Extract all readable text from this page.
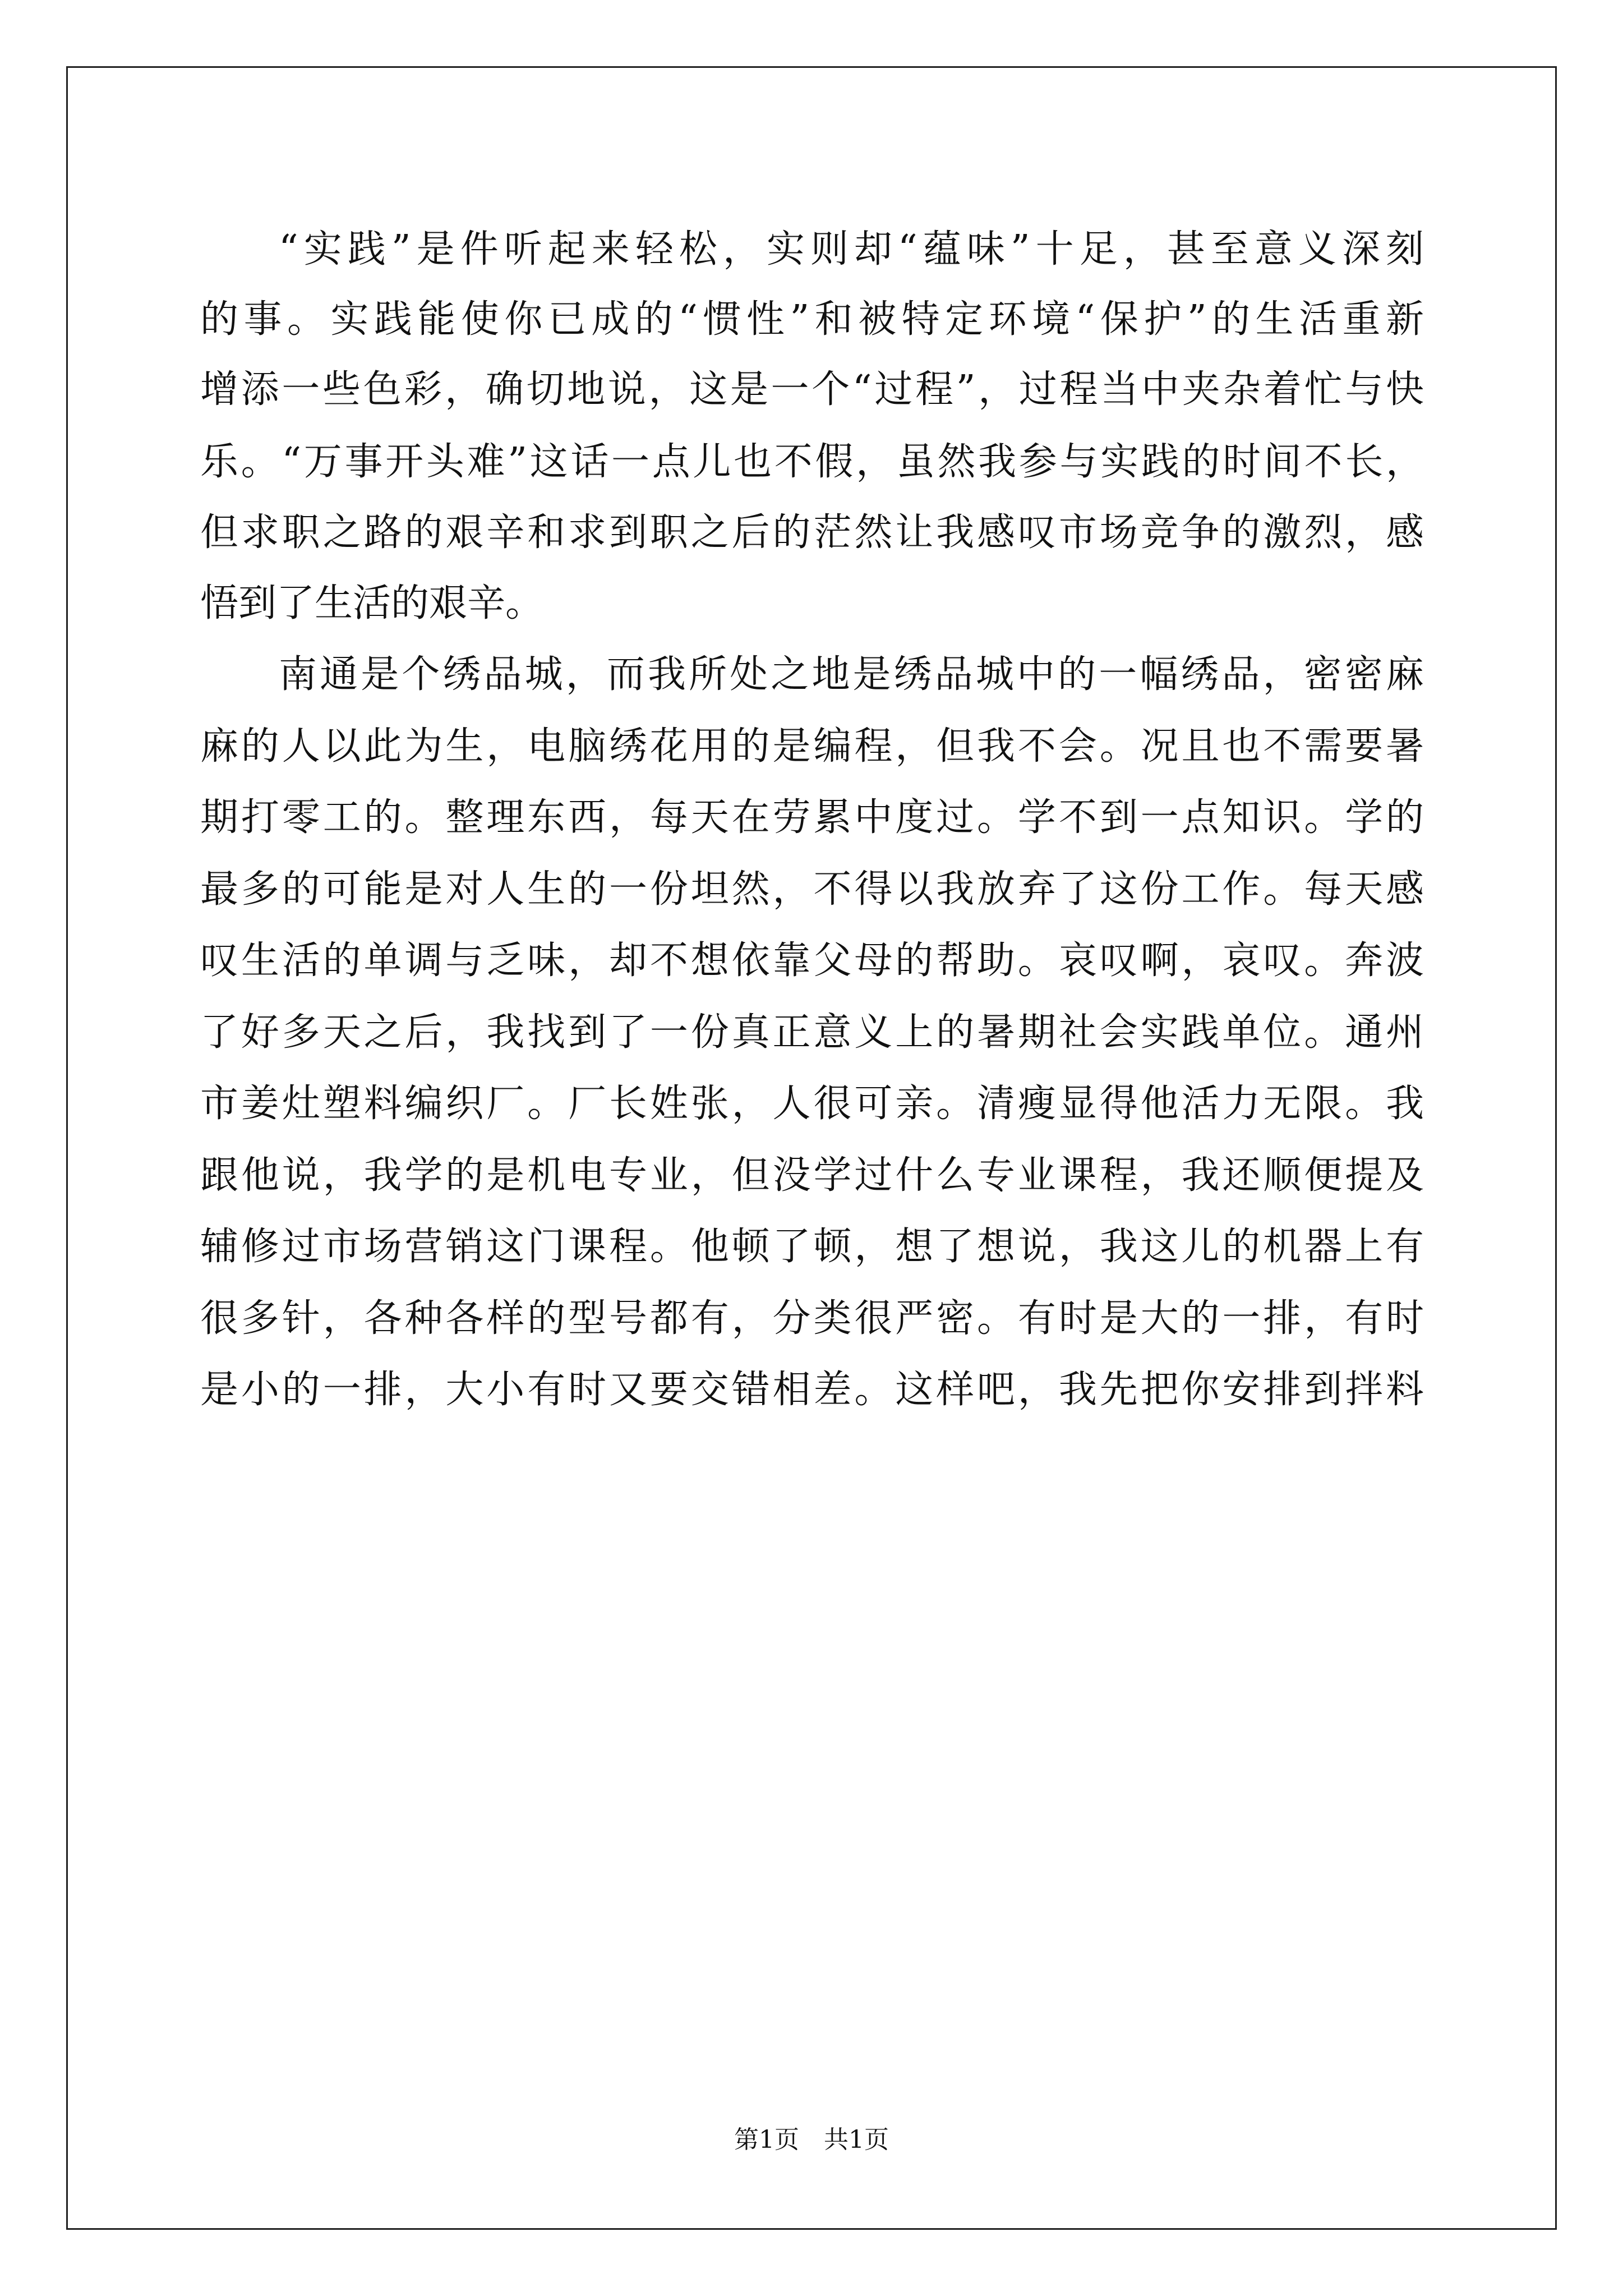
“实践”是件听起来轻松，实则却“蕴味”十足，甚至意义深刻
的事。实践能使你已成的“惯性”和被特定环境“保护”的生活重新
增添一些色彩，确切地说，这是一个“过程”，过程当中夹杂着忙与快
乐。“万事开头难”这话一点儿也不假，虽然我参与实践的时间不长，
但求职之路的艰辛和求到职之后的茫然让我感叹市场竞争的激烈，感
悟到了生活的艰辛。
南通是个绣品城，而我所处之地是绣品城中的一幅绣品，密密麻
麻的人以此为生，电脑绣花用的是编程，但我不会。况且也不需要暑
期打零工的。整理东西，每天在劳累中度过。学不到一点知识。学的
最多的可能是对人生的一份坦然，不得以我放弃了这份工作。每天感
叹生活的单调与乏味，却不想依靠父母的帮助。哀叹啊，哀叹。奔波
了好多天之后，我找到了一份真正意义上的暑期社会实践单位。通州
市姜灶塑料编织厂。厂长姓张，人很可亲。清瘦显得他活力无限。我
跟他说，我学的是机电专业，但没学过什么专业课程，我还顺便提及
辅修过市场营销这门课程。他顿了顿，想了想说，我这儿的机器上有
很多针，各种各样的型号都有，分类很严密。有时是大的一排，有时
是小的一排，大小有时又要交错相差。这样吧，我先把你安排到拌料
第1页　共1页
